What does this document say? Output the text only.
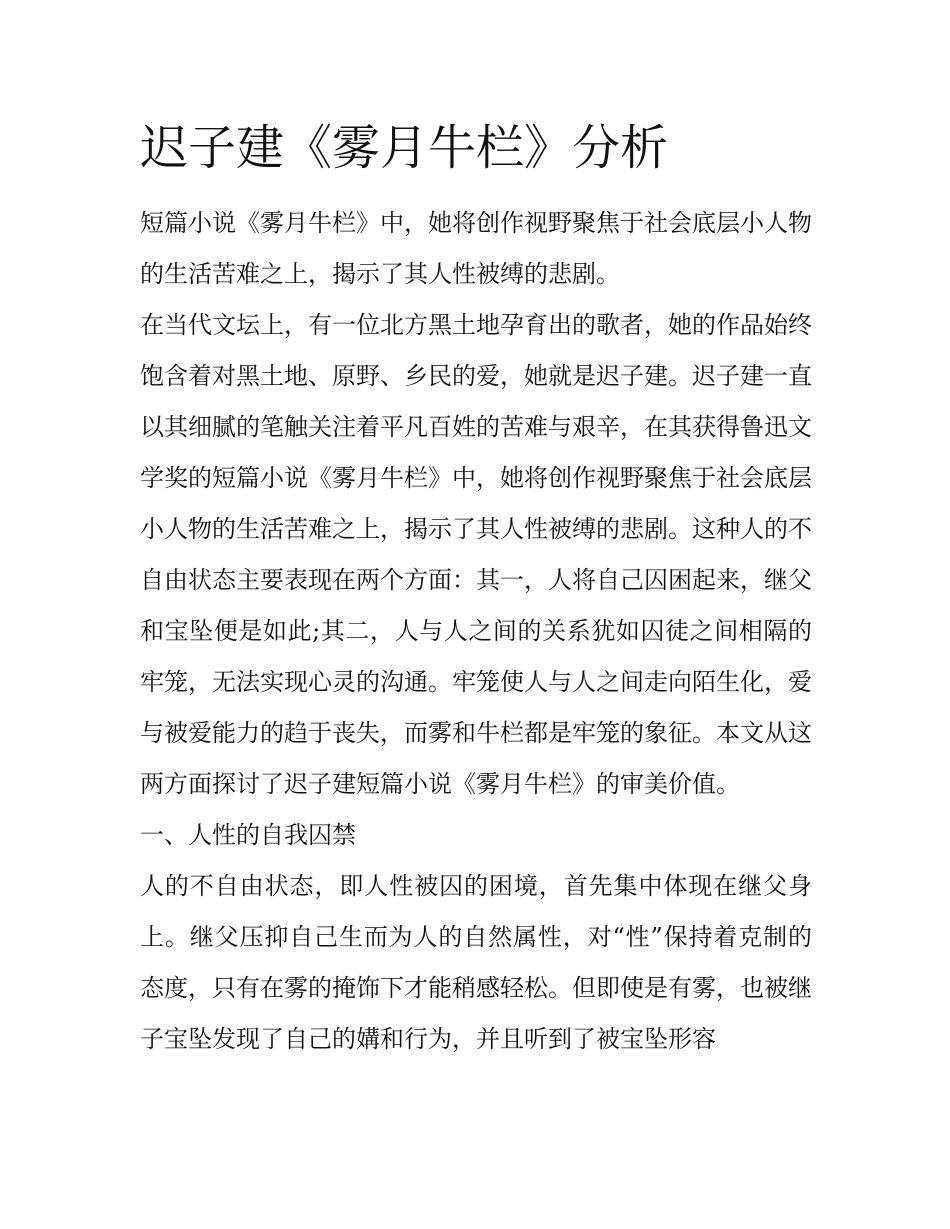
迟子建《雾月牛栏》分析

短篇小说《雾月牛栏》中，她将创作视野聚焦于社会底层小人物的生活苦难之上，揭示了其人性被缚的悲剧。

在当代文坛上，有一位北方黑土地孕育出的歌者，她的作品始终饱含着对黑土地、原野、乡民的爱，她就是迟子建。迟子建一直以其细腻的笔触关注着平凡百姓的苦难与艰辛，在其获得鲁迅文学奖的短篇小说《雾月牛栏》中，她将创作视野聚焦于社会底层小人物的生活苦难之上，揭示了其人性被缚的悲剧。这种人的不自由状态主要表现在两个方面：其一，人将自己囚困起来，继父和宝坠便是如此;其二，人与人之间的关系犹如囚徒之间相隔的牢笼，无法实现心灵的沟通。牢笼使人与人之间走向陌生化，爱与被爱能力的趋于丧失，而雾和牛栏都是牢笼的象征。本文从这两方面探讨了迟子建短篇小说《雾月牛栏》的审美价值。

一、人性的自我囚禁

人的不自由状态，即人性被囚的困境，首先集中体现在继父身上。继父压抑自己生而为人的自然属性，对“性”保持着克制的态度，只有在雾的掩饰下才能稍感轻松。但即使是有雾，也被继子宝坠发现了自己的媾和行为，并且听到了被宝坠形容
